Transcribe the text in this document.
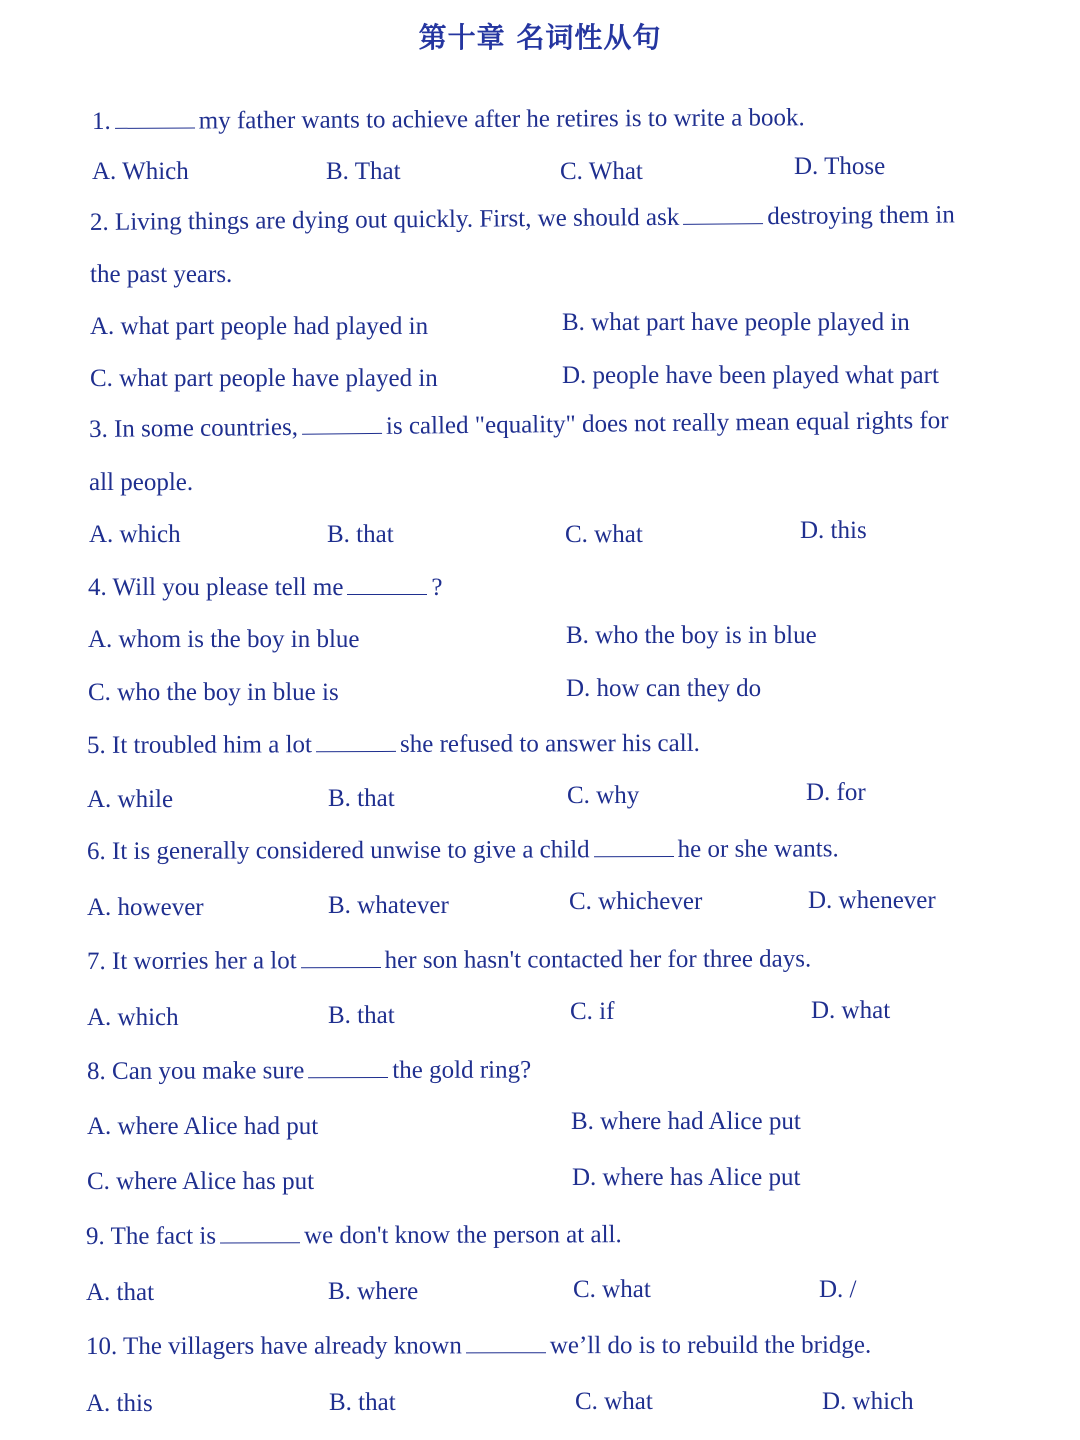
第十章 名词性从句
1.	my father wants to achieve after he retires is to write a book.
A. Which	B. That	C. What	D. Those
2. Living things are dying out quickly. First, we should ask	destroying them in
the past years.
A. what part people had played in	B. what part have people played in
C. what part people have played in	D. people have been played what part
3. In some countries,	is called "equality" does not really mean equal rights for
all people.
A. which	B. that	C. what	D. this
4. Will you please tell me	?
A. whom is the boy in blue	B. who the boy is in blue
C. who the boy in blue is	D. how can they do
5. It troubled him a lot	she refused to answer his call.
A. while	B. that	C. why	D. for
6. It is generally considered unwise to give a child	he or she wants.
A. however	B. whatever	C. whichever	D. whenever
7. It worries her a lot	her son hasn't contacted her for three days.
A. which	B. that	C. if	D. what
8. Can you make sure	the gold ring?
A. where Alice had put	B. where had Alice put
C. where Alice has put	D. where has Alice put
9. The fact is	we don't know the person at all.
A. that	B. where	C. what	D. /
10. The villagers have already known	we’ll do is to rebuild the bridge.
A. this	B. that	C. what	D. which
